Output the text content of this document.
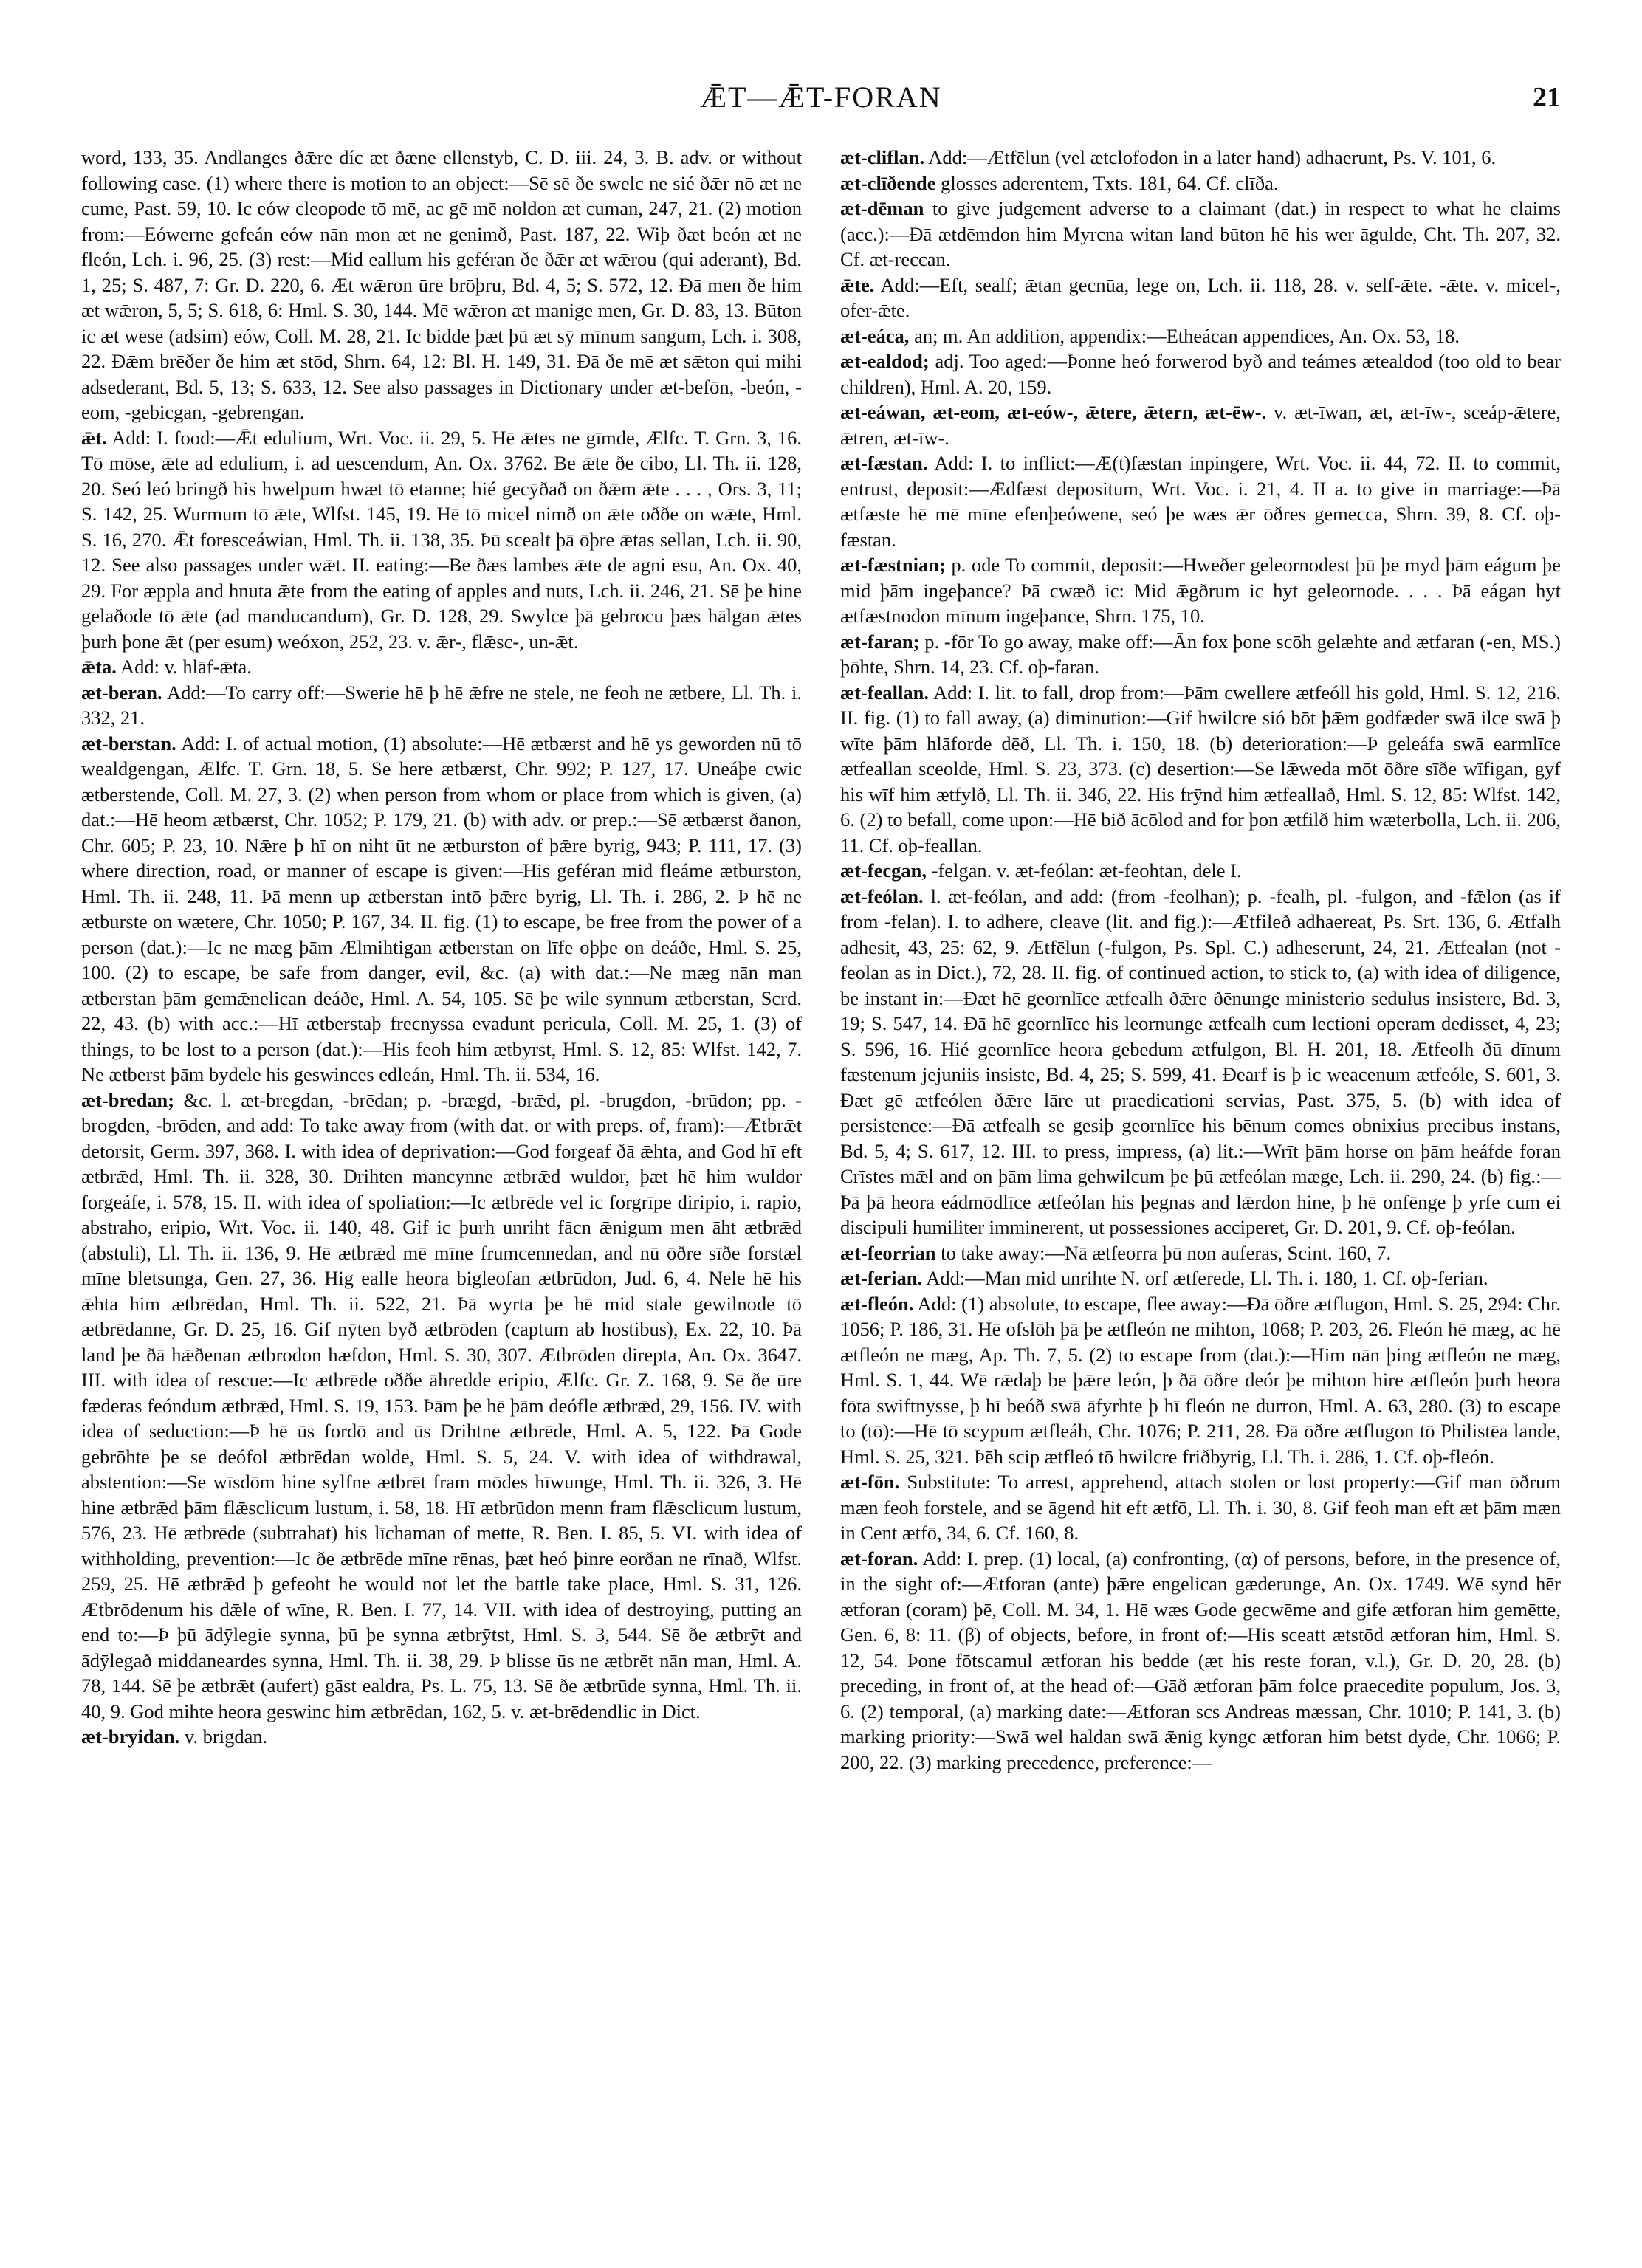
ǢT—ǢT-FORAN	21

word, 133, 35. Andlanges ðǣre díc æt ðæne ellenstyb, C. D. iii. 24, 3. B. adv. or without following case. (1) where there is motion to an object:—Sē sē ðe swelc ne sié ðǣr nō æt ne cume, Past. 59, 10. Ic eów cleopode tō mē, ac gē mē noldon æt cuman, 247, 21. (2) motion from:—Eówerne gefeán eów nān mon æt ne genimð, Past. 187, 22. Wiþ ðæt beón æt ne fleón, Lch. i. 96, 25. (3) rest:—Mid eallum his geféran ðe ðǣr æt wǣrou (qui aderant), Bd. 1, 25; S. 487, 7: Gr. D. 220, 6. Æt wǣron ūre brōþru, Bd. 4, 5; S. 572, 12. Ðā men ðe him æt wǣron, 5, 5; S. 618, 6: Hml. S. 30, 144. Mē wǣron æt manige men, Gr. D. 83, 13. Būton ic æt wese (adsim) eów, Coll. M. 28, 21. Ic bidde þæt þū æt sȳ mīnum sangum, Lch. i. 308, 22. Ðǣm brēðer ðe him æt stōd, Shrn. 64, 12: Bl. H. 149, 31. Ðā ðe mē æt sǣton qui mihi adsederant, Bd. 5, 13; S. 633, 12. See also passages in Dictionary under æt-befōn, -beón, -eom, -gebicgan, -gebrengan.

ǣt. Add: I. food:—Ǣt edulium, Wrt. Voc. ii. 29, 5. Hē ǣtes ne gīmde, Ælfc. T. Grn. 3, 16. Tō mōse, ǣte ad edulium, i. ad uescendum, An. Ox. 3762. Be ǣte ðe cibo, Ll. Th. ii. 128, 20. Seó leó bringð his hwelpum hwæt tō etanne; hié gecȳðað on ðǣm ǣte . . . , Ors. 3, 11; S. 142, 25. Wurmum tō ǣte, Wlfst. 145, 19. Hē tō micel nimð on ǣte oððe on wǣte, Hml. S. 16, 270. Ǣt foresceáwian, Hml. Th. ii. 138, 35. Þū scealt þā ōþre ǣtas sellan, Lch. ii. 90, 12. See also passages under wǣt. II. eating:—Be ðæs lambes ǣte de agni esu, An. Ox. 40, 29. For æppla and hnuta ǣte from the eating of apples and nuts, Lch. ii. 246, 21. Sē þe hine gelaðode tō ǣte (ad manducandum), Gr. D. 128, 29. Swylce þā gebrocu þæs hālgan ǣtes þurh þone ǣt (per esum) weóxon, 252, 23. v. ǣr-, flǣsc-, un-ǣt.

ǣta. Add: v. hlāf-ǣta.

æt-beran. Add:—To carry off:—Swerie hē þ hē ǣfre ne stele, ne feoh ne ætbere, Ll. Th. i. 332, 21.

æt-berstan. Add: I. of actual motion, (1) absolute:—Hē ætbærst and hē ys geworden nū tō wealdgengan, Ælfc. T. Grn. 18, 5. Se here ætbærst, Chr. 992; P. 127, 17. Uneáþe cwic ætberstende, Coll. M. 27, 3. (2) when person from whom or place from which is given, (a) dat.:—Hē heom ætbærst, Chr. 1052; P. 179, 21. (b) with adv. or prep.:—Sē ætbærst ðanon, Chr. 605; P. 23, 10. Nǣre þ hī on niht ūt ne ætburston of þǣre byrig, 943; P. 111, 17. (3) where direction, road, or manner of escape is given:—His geféran mid fleáme ætburston, Hml. Th. ii. 248, 11. Þā menn up ætberstan intō þǣre byrig, Ll. Th. i. 286, 2. Þ hē ne ætburste on wætere, Chr. 1050; P. 167, 34. II. fig. (1) to escape, be free from the power of a person (dat.):—Ic ne mæg þām Ælmihtigan ætberstan on līfe oþþe on deáðe, Hml. S. 25, 100. (2) to escape, be safe from danger, evil, &c. (a) with dat.:—Ne mæg nān man ætberstan þām gemǣnelican deáðe, Hml. A. 54, 105. Sē þe wile synnum ætberstan, Scrd. 22, 43. (b) with acc.:—Hī ætberstaþ frecnyssa evadunt pericula, Coll. M. 25, 1. (3) of things, to be lost to a person (dat.):—His feoh him ætbyrst, Hml. S. 12, 85: Wlfst. 142, 7. Ne ætberst þām bydele his geswinces edleán, Hml. Th. ii. 534, 16.

æt-bredan; &c. l. æt-bregdan, -brēdan; p. -brægd, -brǣd, pl. -brugdon, -brūdon; pp. -brogden, -brōden, and add: To take away from (with dat. or with preps. of, fram):—Ætbrǣt detorsit, Germ. 397, 368. I. with idea of deprivation:—God forgeaf ðā ǣhta, and God hī eft ætbrǣd, Hml. Th. ii. 328, 30. Drihten mancynne ætbrǣd wuldor, þæt hē him wuldor forgeáfe, i. 578, 15. II. with idea of spoliation:—Ic ætbrēde vel ic forgrīpe diripio, i. rapio, abstraho, eripio, Wrt. Voc. ii. 140, 48. Gif ic þurh unriht fācn ǣnigum men āht ætbrǣd (abstuli), Ll. Th. ii. 136, 9. Hē ætbrǣd mē mīne frumcennedan, and nū ōðre sīðe forstæl mīne bletsunga, Gen. 27, 36. Hig ealle heora bigleofan ætbrūdon, Jud. 6, 4. Nele hē his ǣhta him ætbrēdan, Hml. Th. ii. 522, 21. Þā wyrta þe hē mid stale gewilnode tō ætbrēdanne, Gr. D. 25, 16. Gif nȳten byð ætbrōden (captum ab hostibus), Ex. 22, 10. Þā land þe ðā hǣðenan ætbrodon hæfdon, Hml. S. 30, 307. Ætbrōden direpta, An. Ox. 3647. III. with idea of rescue:—Ic ætbrēde oððe āhredde eripio, Ælfc. Gr. Z. 168, 9. Sē ðe ūre fæderas feóndum ætbrǣd, Hml. S. 19, 153. Þām þe hē þām deófle ætbrǣd, 29, 156. IV. with idea of seduction:—Þ hē ūs fordō and ūs Drihtne ætbrēde, Hml. A. 5, 122. Þā Gode gebrōhte þe se deófol ætbrēdan wolde, Hml. S. 5, 24. V. with idea of withdrawal, abstention:—Se wīsdōm hine sylfne ætbrēt fram mōdes hīwunge, Hml. Th. ii. 326, 3. Hē hine ætbrǣd þām flǣsclicum lustum, i. 58, 18. Hī ætbrūdon menn fram flǣsclicum lustum, 576, 23. Hē ætbrēde (subtrahat) his līchaman of mette, R. Ben. I. 85, 5. VI. with idea of withholding, prevention:—Ic ðe ætbrēde mīne rēnas, þæt heó þinre eorðan ne rīnað, Wlfst. 259, 25. Hē ætbrǣd þ gefeoht he would not let the battle take place, Hml. S. 31, 126. Ætbrōdenum his dǣle of wīne, R. Ben. I. 77, 14. VII. with idea of destroying, putting an end to:—Þ þū ādȳlegie synna, þū þe synna ætbrȳtst, Hml. S. 3, 544. Sē ðe ætbrȳt and ādȳlegað middaneardes synna, Hml. Th. ii. 38, 29. Þ blisse ūs ne ætbrēt nān man, Hml. A. 78, 144. Sē þe ætbrǣt (aufert) gāst ealdra, Ps. L. 75, 13. Sē ðe ætbrūde synna, Hml. Th. ii. 40, 9. God mihte heora geswinc him ætbrēdan, 162, 5. v. æt-brēdendlic in Dict.

æt-bryidan. v. brigdan.

æt-cliflan. Add:—Ætfēlun (vel ætclofodon in a later hand) adhaerunt, Ps. V. 101, 6.

æt-clīðende glosses aderentem, Txts. 181, 64. Cf. clīða.

æt-dēman to give judgement adverse to a claimant (dat.) in respect to what he claims (acc.):—Ðā ætdēmdon him Myrcna witan land būton hē his wer āgulde, Cht. Th. 207, 32. Cf. æt-reccan.

ǣte. Add:—Eft, sealf; ǣtan gecnūa, lege on, Lch. ii. 118, 28. v. self-ǣte. -ǣte. v. micel-, ofer-ǣte.

æt-eáca, an; m. An addition, appendix:—Etheácan appendices, An. Ox. 53, 18.

æt-ealdod; adj. Too aged:—Þonne heó forwerod byð and teámes ætealdod (too old to bear children), Hml. A. 20, 159.

æt-eáwan, æt-eom, æt-eów-, ǣtere, ǣtern, æt-ēw-. v. æt-īwan, æt, æt-īw-, sceáp-ǣtere, ǣtren, æt-īw-.

æt-fæstan. Add: I. to inflict:—Æ(t)fæstan inpingere, Wrt. Voc. ii. 44, 72. II. to commit, entrust, deposit:—Ædfæst depositum, Wrt. Voc. i. 21, 4. II a. to give in marriage:—Þā ætfæste hē mē mīne efenþeówene, seó þe wæs ǣr ōðres gemecca, Shrn. 39, 8. Cf. oþ-fæstan.

æt-fæstnian; p. ode To commit, deposit:—Hweðer geleornodest þū þe myd þām eágum þe mid þām ingeþance? Þā cwæð ic: Mid ǣgðrum ic hyt geleornode. . . . Þā eágan hyt ætfæstnodon mīnum ingeþance, Shrn. 175, 10.

æt-faran; p. -fōr To go away, make off:—Ān fox þone scōh gelæhte and ætfaran (-en, MS.) þōhte, Shrn. 14, 23. Cf. oþ-faran.

æt-feallan. Add: I. lit. to fall, drop from:—Þām cwellere ætfeóll his gold, Hml. S. 12, 216. II. fig. (1) to fall away, (a) diminution:—Gif hwilcre sió bōt þǣm godfæder swā ilce swā þ wīte þām hlāforde dēð, Ll. Th. i. 150, 18. (b) deterioration:—Þ geleáfa swā earmlīce ætfeallan sceolde, Hml. S. 23, 373. (c) desertion:—Se lǣweda mōt ōðre sīðe wīfigan, gyf his wīf him ætfylð, Ll. Th. ii. 346, 22. His frȳnd him ætfeallað, Hml. S. 12, 85: Wlfst. 142, 6. (2) to befall, come upon:—Hē bið ācōlod and for þon ætfilð him wæterbolla, Lch. ii. 206, 11. Cf. oþ-feallan.

æt-fecgan, -felgan. v. æt-feólan: æt-feohtan, dele I.

æt-feólan. l. æt-feólan, and add: (from -feolhan); p. -fealh, pl. -fulgon, and -fǣlon (as if from -felan). I. to adhere, cleave (lit. and fig.):—Ætfileð adhaereat, Ps. Srt. 136, 6. Ætfalh adhesit, 43, 25: 62, 9. Ætfēlun (-fulgon, Ps. Spl. C.) adheserunt, 24, 21. Ætfealan (not -feolan as in Dict.), 72, 28. II. fig. of continued action, to stick to, (a) with idea of diligence, be instant in:—Ðæt hē geornlīce ætfealh ðǣre ðēnunge ministerio sedulus insistere, Bd. 3, 19; S. 547, 14. Ðā hē geornlīce his leornunge ætfealh cum lectioni operam dedisset, 4, 23; S. 596, 16. Hié geornlīce heora gebedum ætfulgon, Bl. H. 201, 18. Ætfeolh ðū dīnum fæstenum jejuniis insiste, Bd. 4, 25; S. 599, 41. Ðearf is þ ic weacenum ætfeóle, S. 601, 3. Ðæt gē ætfeólen ðǣre lāre ut praedicationi servias, Past. 375, 5. (b) with idea of persistence:—Ðā ætfealh se gesiþ geornlīce his bēnum comes obnixius precibus instans, Bd. 5, 4; S. 617, 12. III. to press, impress, (a) lit.:—Wrīt þām horse on þām heáfde foran Crīstes mǣl and on þām lima gehwilcum þe þū ætfeólan mæge, Lch. ii. 290, 24. (b) fig.:—Þā þā heora eádmōdlīce ætfeólan his þegnas and lǣrdon hine, þ hē onfēnge þ yrfe cum ei discipuli humiliter imminerent, ut possessiones acciperet, Gr. D. 201, 9. Cf. oþ-feólan.

æt-feorrian to take away:—Nā ætfeorra þū non auferas, Scint. 160, 7.

æt-ferian. Add:—Man mid unrihte N. orf ætferede, Ll. Th. i. 180, 1. Cf. oþ-ferian.

æt-fleón. Add: (1) absolute, to escape, flee away:—Ðā ōðre ætflugon, Hml. S. 25, 294: Chr. 1056; P. 186, 31. Hē ofslōh þā þe ætfleón ne mihton, 1068; P. 203, 26. Fleón hē mæg, ac hē ætfleón ne mæg, Ap. Th. 7, 5. (2) to escape from (dat.):—Him nān þing ætfleón ne mæg, Hml. S. 1, 44. Wē rǣdaþ be þǣre león, þ ðā ōðre deór þe mihton hire ætfleón þurh heora fōta swiftnysse, þ hī beóð swā āfyrhte þ hī fleón ne durron, Hml. A. 63, 280. (3) to escape to (tō):—Hē tō scypum ætfleáh, Chr. 1076; P. 211, 28. Ðā ōðre ætflugon tō Philistēa lande, Hml. S. 25, 321. Þēh scip ætfleó tō hwilcre friðbyrig, Ll. Th. i. 286, 1. Cf. oþ-fleón.

æt-fōn. Substitute: To arrest, apprehend, attach stolen or lost property:—Gif man ōðrum mæn feoh forstele, and se āgend hit eft ætfō, Ll. Th. i. 30, 8. Gif feoh man eft æt þām mæn in Cent ætfō, 34, 6. Cf. 160, 8.

æt-foran. Add: I. prep. (1) local, (a) confronting, (α) of persons, before, in the presence of, in the sight of:—Ætforan (ante) þǣre engelican gæderunge, An. Ox. 1749. Wē synd hēr ætforan (coram) þē, Coll. M. 34, 1. Hē wæs Gode gecwēme and gife ætforan him gemētte, Gen. 6, 8: 11. (β) of objects, before, in front of:—His sceatt ætstōd ætforan him, Hml. S. 12, 54. Þone fōtscamul ætforan his bedde (æt his reste foran, v.l.), Gr. D. 20, 28. (b) preceding, in front of, at the head of:—Gāð ætforan þām folce praecedite populum, Jos. 3, 6. (2) temporal, (a) marking date:—Ætforan scs Andreas mæssan, Chr. 1010; P. 141, 3. (b) marking priority:—Swā wel haldan swā ǣnig kyngc ætforan him betst dyde, Chr. 1066; P. 200, 22. (3) marking precedence, preference:—
